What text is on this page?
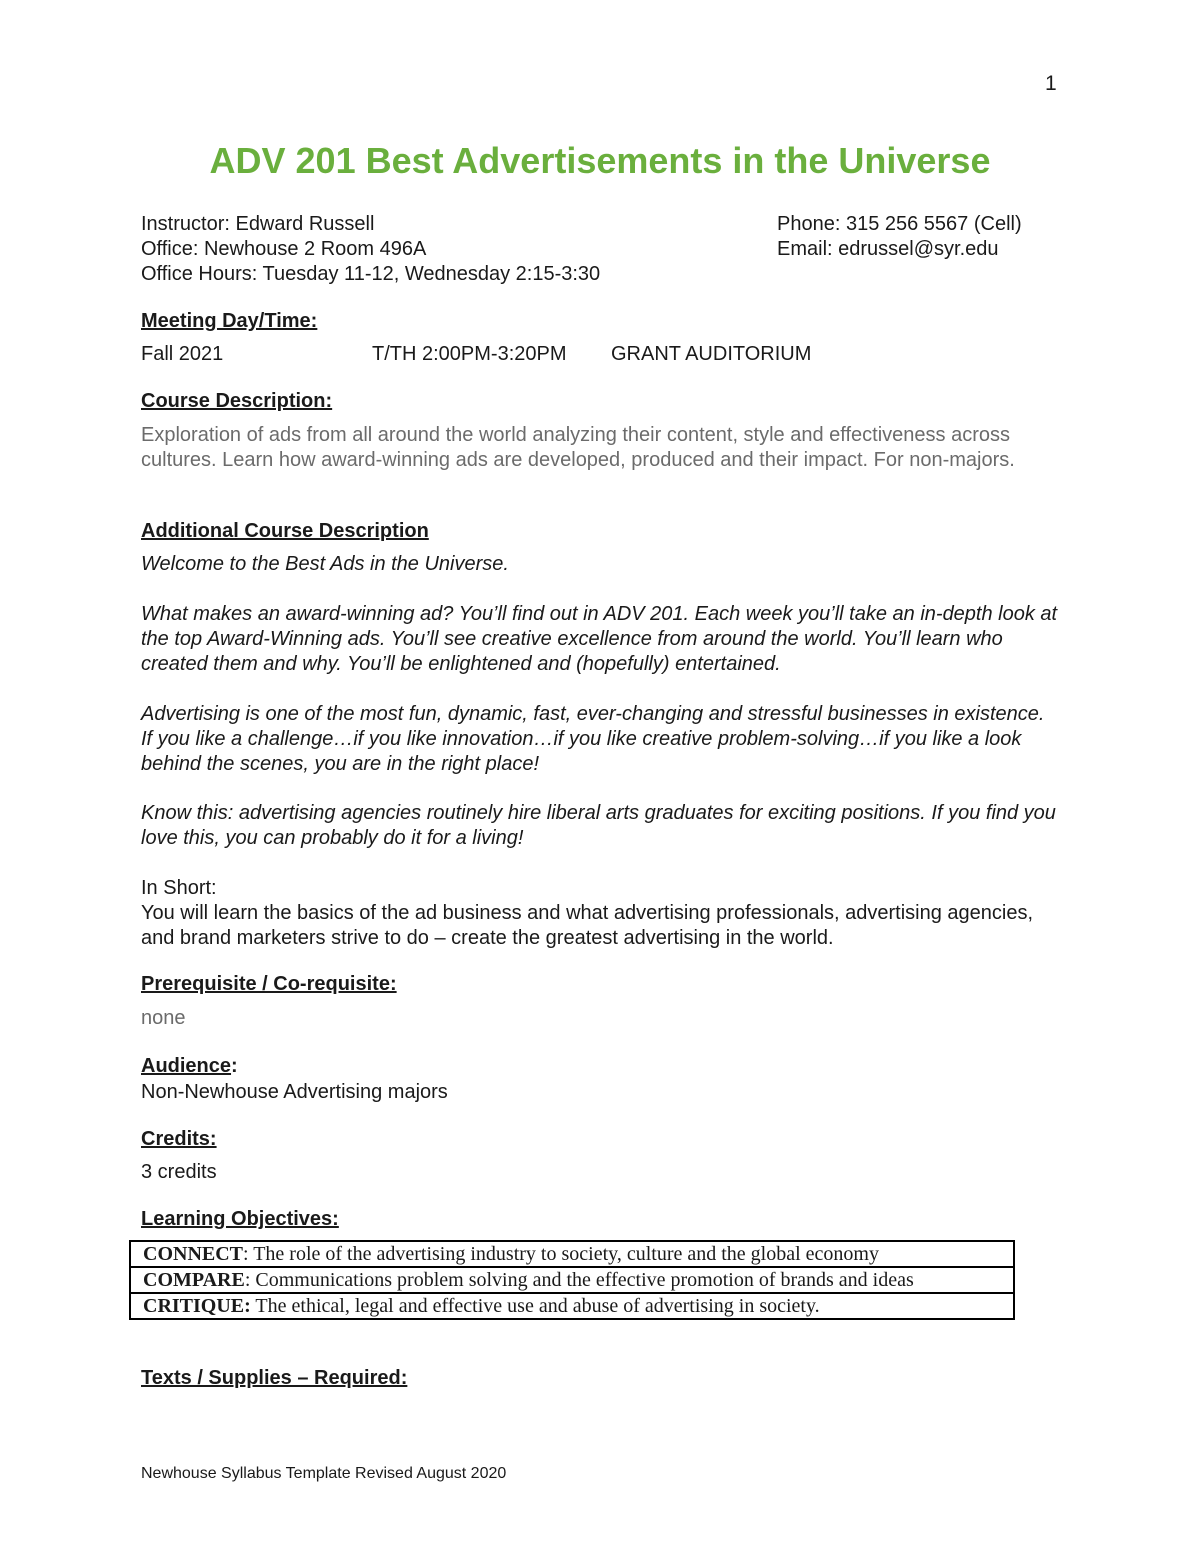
1
ADV 201 Best Advertisements in the Universe
Instructor: Edward Russell
Office: Newhouse 2 Room 496A
Office Hours: Tuesday 11-12, Wednesday 2:15-3:30
Phone: 315 256 5567 (Cell)
Email: edrussel@syr.edu
Meeting Day/Time:
Fall 2021	T/TH 2:00PM-3:20PM GRANT AUDITORIUM
Course Description:
Exploration of ads from all around the world analyzing their content, style and effectiveness across cultures. Learn how award-winning ads are developed, produced and their impact. For non-majors.
Additional Course Description
Welcome to the Best Ads in the Universe.
What makes an award-winning ad? You’ll find out in ADV 201. Each week you’ll take an in-depth look at the top Award-Winning ads. You’ll see creative excellence from around the world. You’ll learn who created them and why. You’ll be enlightened and (hopefully) entertained.
Advertising is one of the most fun, dynamic, fast, ever-changing and stressful businesses in existence. If you like a challenge…if you like innovation…if you like creative problem-solving…if you like a look behind the scenes, you are in the right place!
Know this: advertising agencies routinely hire liberal arts graduates for exciting positions. If you find you love this, you can probably do it for a living!
In Short:
You will learn the basics of the ad business and what advertising professionals, advertising agencies, and brand marketers strive to do – create the greatest advertising in the world.
Prerequisite / Co-requisite:
none
Audience:
Non-Newhouse Advertising majors
Credits:
3 credits
Learning Objectives:
CONNECT: The role of the advertising industry to society, culture and the global economy
COMPARE: Communications problem solving and the effective promotion of brands and ideas
CRITIQUE: The ethical, legal and effective use and abuse of advertising in society.
Texts / Supplies – Required:
Newhouse Syllabus Template Revised August 2020
